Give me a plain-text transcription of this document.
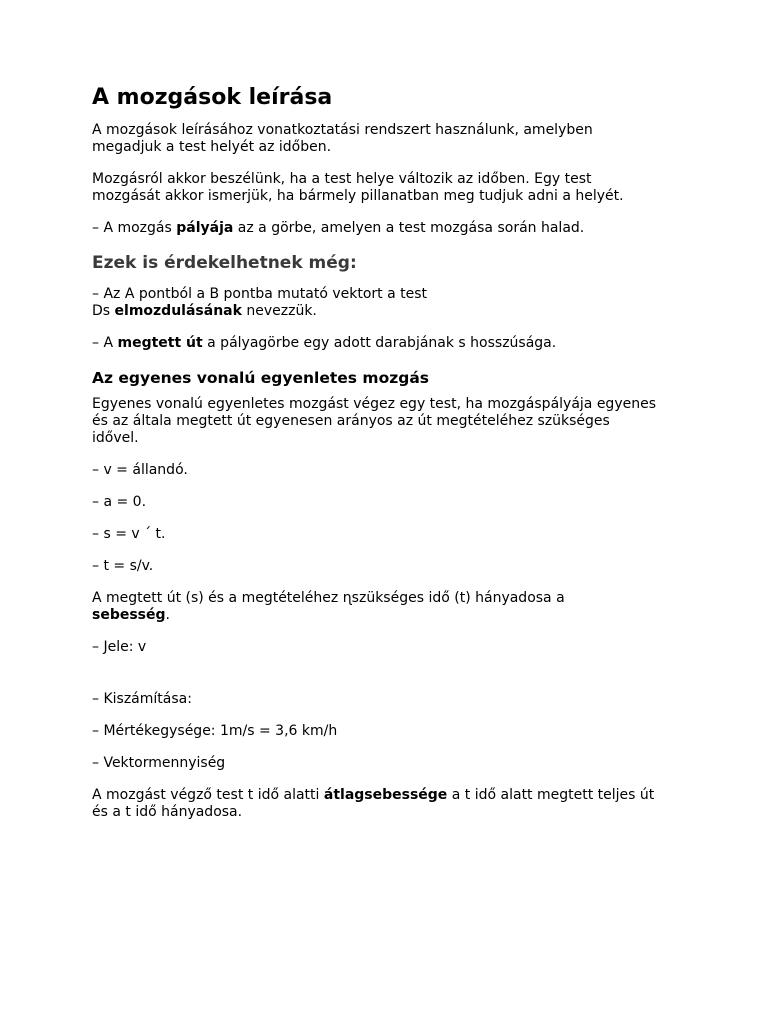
A mozgások leírása

A mozgások leírásához vonatkoztatási rendszert használunk, amelyben megadjuk a test helyét az időben.

Mozgásról akkor beszélünk, ha a test helye változik az időben. Egy test mozgását akkor ismerjük, ha bármely pillanatban meg tudjuk adni a helyét.

– A mozgás pályája az a görbe, amelyen a test mozgása során halad.

Ezek is érdekelhetnek még:

– Az A pontból a B pontba mutató vektort a test Ds elmozdulásának nevezzük.

– A megtett út a pályagörbe egy adott darabjának s hosszúsága.

Az egyenes vonalú egyenletes mozgás

Egyenes vonalú egyenletes mozgást végez egy test, ha mozgáspályája egyenes és az általa megtett út egyenesen arányos az út megtételéhez szükséges idővel.

– v = állandó.

– a = 0.

– s = v ´ t.

– t = s/v.

A megtett út (s) és a megtételéhez ɳszükséges idő (t) hányadosa a sebesség.

– Jele: v

– Kiszámítása:

– Mértékegysége: 1m/s = 3,6 km/h

– Vektormennyiség

A mozgást végző test t idő alatti átlagsebessége a t idő alatt megtett teljes út és a t idő hányadosa.
